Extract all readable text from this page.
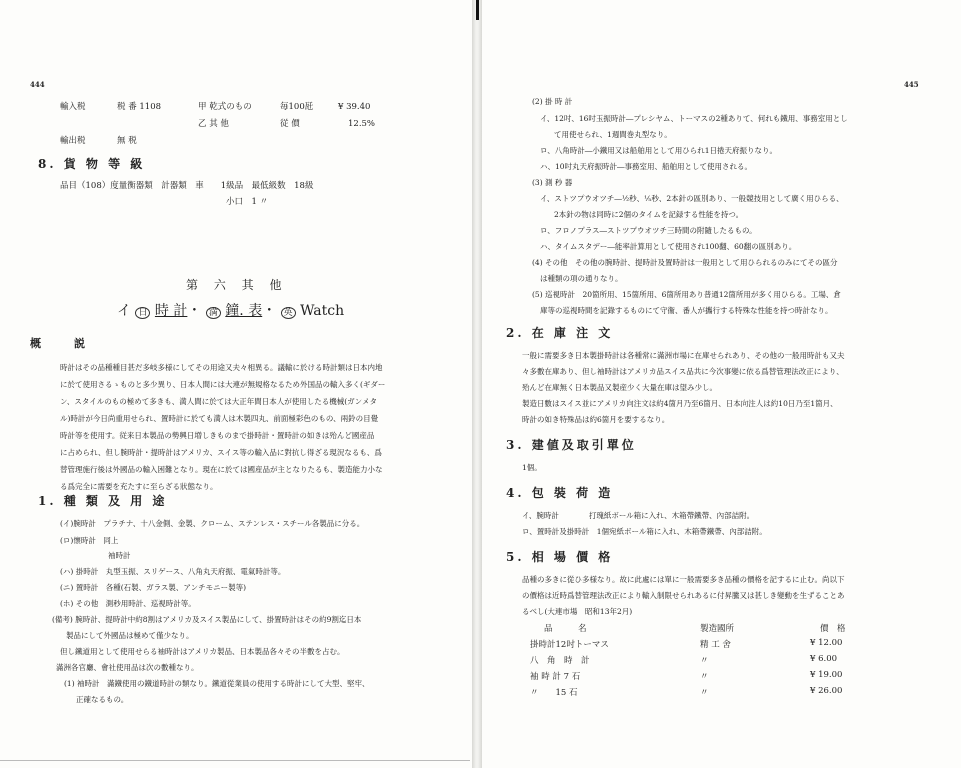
444
輸入税	税 番 1108	甲 乾式のもの	毎100瓩	¥ 39.40
乙 其 他	従 價	12.5%
輸出税	無 税
8. 貨 物 等 級
品目（108）度量衡器類　計器類　車　　1級品　最低級数　18級
小口　1 〃
第 六 其 他
イ 日 時 計・ 満 鐘. 表・ 英 Watch
概　　　説
時計はその品種種目甚だ多岐多様にしてその用途又夫々相異る。議輸に於ける時計類は日本内地
に於て使用さるゝものと多少異り、日本人間には大連が無規格なるため外国品の輸入多く(ギダー
ン、スタイルのもの極めて多きも、満人間に於ては大正年間日本人が使用したる機械(ガンメタ
ル)時計が今日尚重用せられ、置時計に於ても満人は木製四丸、前面極彩色のもの、兩鈴の目覺
時計等を使用す。従来日本製品の勢興日増しきものまで掛時計・置時計の如きは殆んど國産品
に占められ、但し腕時計・提時計はアメリカ、スイス等の輸入品に對抗し得ざる現況なるも、爲
替管理施行後は外國品の輸入困難となり。現在に於ては國産品が主となりたるも、製造能力小な
る爲完全に需要を充たすに至らざる狀態なり。
1. 種 類 及 用 途
(イ)腕時計　プラチナ、十八金側、金製、クローム、ステンレス・スチール各製品に分る。
(ロ)懐時計　同上
袖時計
(ハ) 掛時計　丸型玉振、スリゲース、八角丸天府振、電氣時計等。
(ニ) 置時計　各種(石製、ガラス製、アンチモニー製等)
(ホ) その他　測秒用時計、巡視時計等。
(備考) 腕時計、提時計中約8割はアメリカ及スイス製品にして、掛置時計はその約9割迄日本
製品にして外國品は極めて僅少なり。
但し鐵道用として使用せらる袖時計はアメリカ製品、日本製品各々その半數を占む。
滿洲各官廳、會社使用品は次の數種なり。
(1) 袖時計　滿鐵使用の鐵道時計の類なり。鐵道從業員の使用する時計にして大型、堅牢、
正確なるもの。
445
(2) 掛 時 計
イ、12吋、16吋玉振時計―プレシヤム、トーマスの2種ありて、何れも鐵用、事務室用とし
て用使せられ、1週間巻丸型なり。
ロ、八角時計―小鐵用又は船舶用として用ひられ1日捲天府振りなり。
ハ、10吋丸天府振時計―事務室用、船舶用として使用される。
(3) 測 秒 器
イ、ストツプウオツチ―½秒、⅕秒、2本針の區別あり、一般競技用として廣く用ひらる、
2本針の物は同時に2個のタイムを記録する性能を持つ。
ロ、フロノプラス―ストツプウオツチ三時間の附隨したるもの。
ハ、タイムスタデー―能率計算用として使用され100翻、60翻の區別あり。
(4) その他　その他の腕時計、提時計及置時計は一般用として用ひられるのみにてその區分
は種類の項の通りなり。
(5) 巡視時計　20箇所用、15箇所用、6箇所用あり普通12箇所用が多く用ひらる。工場、倉
庫等の巡視時間を記錄するものにて守衞、番人が攜行する特殊な性能を持つ時計なり。
2. 在 庫 注 文
一般に需要多き日本製掛時計は各種常に滿洲市場に在庫せられあり、その他の一般用時計も又夫
々多數在庫あり、但し袖時計はアメリカ品スイス品共に今次事變に依る爲替管理法改正により、
殆んど在庫無く日本製品又製産少く大量在庫は望み少し。
製造日數はスイス並にアメリカ向注文は約4箇月乃至6箇月、日本向注人は約10日乃至1箇月、
時計の如き特殊品は約6箇月を要するなり。
3. 建値及取引單位
1個。
4. 包 裝 荷 造
イ、腕時計　　　　打瑰紙ボール箱に入れ、木箱帶鐵帶、內部詰附。
ロ、置時計及掛時計　1個宛紙ボール箱に入れ、木箱帶鐵帶、內部詰附。
5. 相 場 價 格
品種の多きに從ひ多様なり。故に此處には單に一般需要多き品種の價格を記するに止む。尚以下
の價格は近時爲替管理法改正により輸入制限せられあるに付昇騰又は甚しき變動を生ずることあ
るべし(大連市場　昭和13年2月)
品　　　名	製造國所	價　格
掛時計12吋トーマス	精 工 舍	¥ 12.00
八　角　時　計	〃	¥ 6.00
袖 時 計 7 石	〃	¥ 19.00
〃　　15 石	〃	¥ 26.00
